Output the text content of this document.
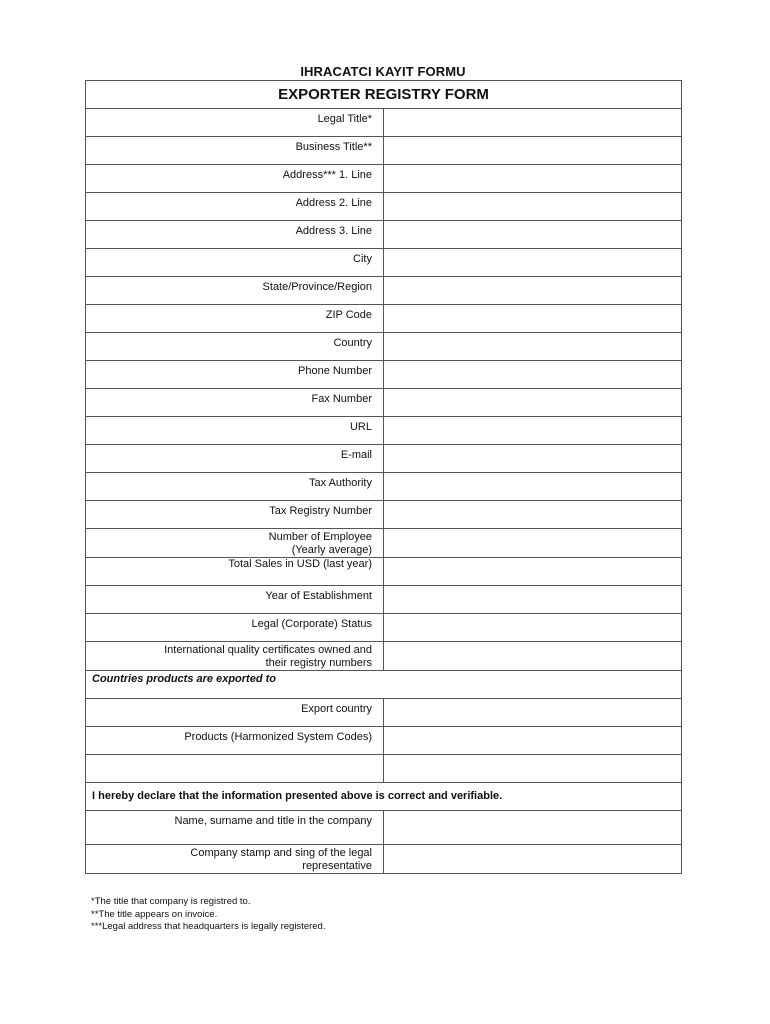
IHRACATCI KAYIT FORMU
EXPORTER REGISTRY FORM	
Legal Title*	
Business Title**	
Address*** 1. Line	
Address 2. Line	
Address 3. Line	
City	
State/Province/Region	
ZIP Code	
Country	
Phone Number	
Fax Number	
URL	
E-mail	
Tax Authority	
Tax Registry Number	

Number of Employee
(Yearly average)	

Total Sales in USD (last year)	
Year of Establishment	
Legal (Corporate) Status	

International quality certificates owned and
their registry numbers	

Countries products are exported to	
Export country	
Products (Harmonized System Codes)	

I hereby declare that the information presented above is correct and verifiable.	
Name, surname and title in the company	

Company stamp and sing of the legal
representative	

*The title that company is registred to.
**The title appears on invoice.
***Legal address that headquarters is legally registered.
